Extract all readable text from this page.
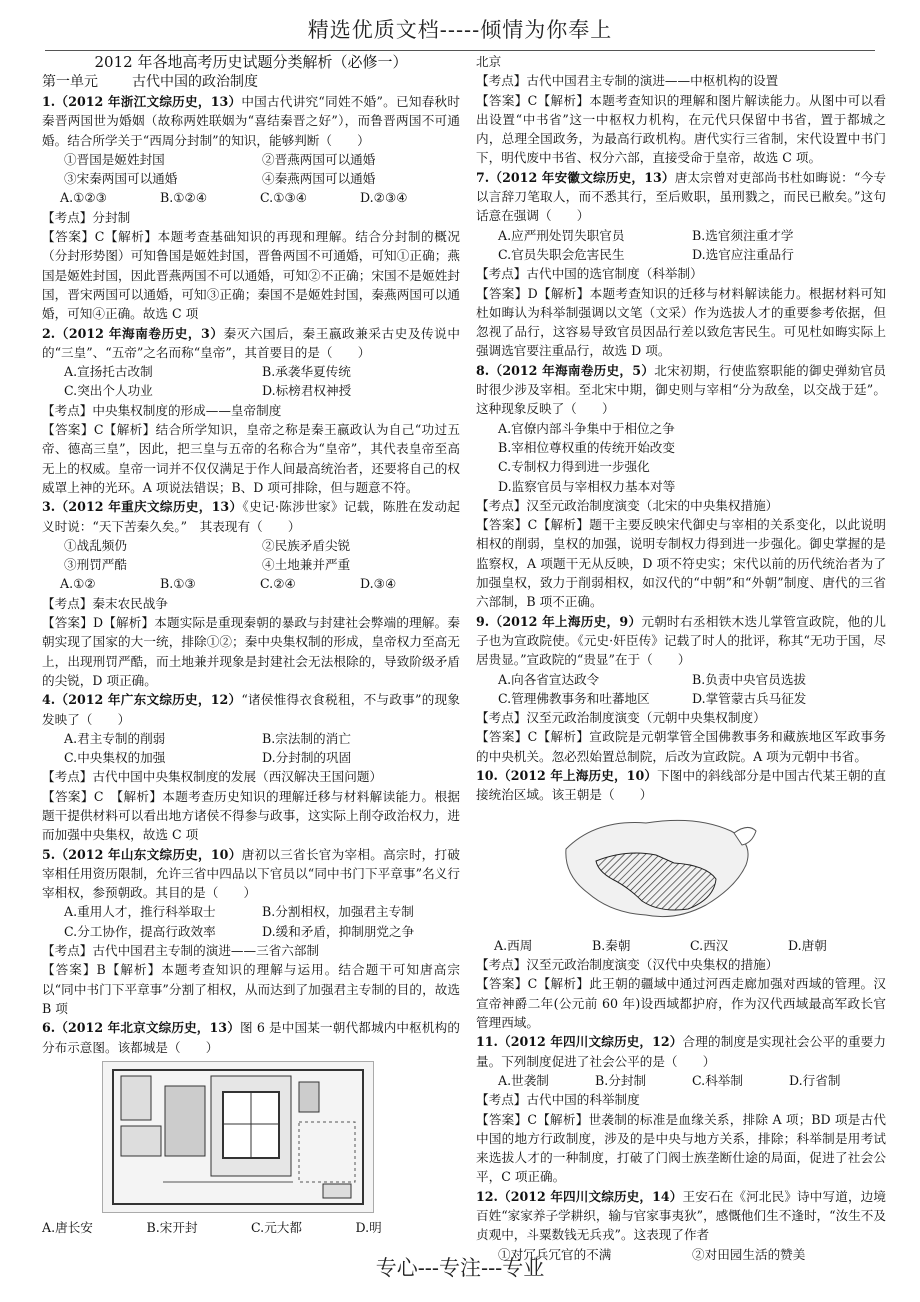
精选优质文档-----倾情为你奉上

2012 年各地高考历史试题分类解析（必修一）

第一单元 古代中国的政治制度

1.（2012 年浙江文综历史，13）中国古代讲究“同姓不婚”。已知春秋时秦晋两国世为婚姻（故称两姓联姻为“喜结秦晋之好”），而鲁晋两国不可通婚。结合所学关于“西周分封制”的知识，能够判断（　　）

①晋国是姬姓封国	②晋燕两国可以通婚
③宋秦两国可以通婚	④秦燕两国可以通婚
A.①②③	B.①②④	C.①③④	D.②③④

【考点】分封制

【答案】C【解析】本题考查基础知识的再现和理解。结合分封制的概况（分封形势图）可知鲁国是姬姓封国，晋鲁两国不可通婚，可知①正确；燕国是姬姓封国，因此晋燕两国不可以通婚，可知②不正确；宋国不是姬姓封国，晋宋两国可以通婚，可知③正确；秦国不是姬姓封国，秦燕两国可以通婚，可知④正确。故选 C 项

2.（2012 年海南卷历史，3）秦灭六国后，秦王嬴政兼采古史及传说中的“三皇”、“五帝”之名而称“皇帝”，其首要目的是（　　）

A.宣扬托古改制	B.承袭华夏传统
C.突出个人功业	D.标榜君权神授

【考点】中央集权制度的形成——皇帝制度

【答案】C【解析】结合所学知识，皇帝之称是秦王嬴政认为自己“功过五帝、德高三皇”，因此，把三皇与五帝的名称合为“皇帝”，其代表皇帝至高无上的权威。皇帝一词并不仅仅满足于作人间最高统治者，还要将自己的权威罩上神的光环。A 项说法错误；B、D 项可排除，但与题意不符。

3.（2012 年重庆文综历史，13）《史记·陈涉世家》记载，陈胜在发动起义时说：“天下苦秦久矣。”　其表现有（　　）

①战乱频仍	②民族矛盾尖锐
③刑罚严酷	④土地兼并严重
A.①②	B.①③	C.②④	D.③④

【考点】秦末农民战争

【答案】D【解析】本题实际是重现秦朝的暴政与封建社会弊端的理解。秦朝实现了国家的大一统，排除①②；秦中央集权制的形成，皇帝权力至高无上，出现刑罚严酷，而土地兼并现象是封建社会无法根除的，导致阶级矛盾的尖锐，D 项正确。

4.（2012 年广东文综历史，12）“诸侯惟得衣食税租，不与政事”的现象发映了（　　）

A.君主专制的削弱	B.宗法制的消亡
C.中央集权的加强	D.分封制的巩固

【考点】古代中国中央集权制度的发展（西汉解决王国问题）

【答案】C　【解析】本题考查历史知识的理解迁移与材料解读能力。根据题干提供材料可以看出地方诸侯不得参与政事，这实际上削夺政治权力，进而加强中央集权，故选 C 项

5.（2012 年山东文综历史，10）唐初以三省长官为宰相。高宗时，打破宰相任用资历限制，允许三省中四品以下官员以“同中书门下平章事”名义行宰相权，参预朝政。其目的是（　　）

A.重用人才，推行科举取士	B.分割相权，加强君主专制
C.分工协作，提高行政效率	D.缓和矛盾，抑制朋党之争

【考点】古代中国君主专制的演进——三省六部制

【答案】B【解析】本题考查知识的理解与运用。结合题干可知唐高宗以“同中书门下平章事”分割了相权，从而达到了加强君主专制的目的，故选 B 项

6.（2012 年北京文综历史，13）图 6 是中国某一朝代都城内中枢机构的分布示意图。该都城是（　　）

A.唐长安	B.宋开封	C.元大都	D.明

北京

【考点】古代中国君主专制的演进——中枢机构的设置

【答案】C【解析】本题考查知识的理解和图片解读能力。从图中可以看出设置“中书省”这一中枢权力机构，在元代只保留中书省，置于都城之内，总理全国政务，为最高行政机构。唐代实行三省制，宋代设置中书门下，明代废中书省、权分六部，直接受命于皇帝，故选 C 项。

7.（2012 年安徽文综历史，13）唐太宗曾对吏部尚书杜如晦说：“今专以言辞刀笔取人，而不悉其行，至后败职，虽刑戮之，而民已敝矣。”这句话意在强调（　　）

A.应严刑处罚失职官员	B.选官须注重才学
C.官员失职会危害民生	D.选官应注重品行

【考点】古代中国的选官制度（科举制）

【答案】D【解析】本题考查知识的迁移与材料解读能力。根据材料可知杜如晦认为科举制强调以文笔（文采）作为选拔人才的重要参考依据，但忽视了品行，这容易导致官员因品行差以致危害民生。可见杜如晦实际上强调选官要注重品行，故选 D 项。

8.（2012 年海南卷历史，5）北宋初期，行使监察职能的御史弹劾官员时很少涉及宰相。至北宋中期，御史则与宰相“分为敌垒，以交战于廷”。这种现象反映了（　　）

A.官僚内部斗争集中于相位之争

B.宰相位尊权重的传统开始改变

C.专制权力得到进一步强化

D.监察官员与宰相权力基本对等

【考点】汉至元政治制度演变（北宋的中央集权措施）

【答案】C【解析】题干主要反映宋代御史与宰相的关系变化，以此说明相权的削弱，皇权的加强，说明专制权力得到进一步强化。御史掌握的是监察权，A 项题干无从反映，D 项不符史实；宋代以前的历代统治者为了加强皇权，致力于削弱相权，如汉代的“中朝”和“外朝”制度、唐代的三省六部制，B 项不正确。

9.（2012 年上海历史，9）元朝时右丞相铁木迭儿掌管宣政院，他的儿子也为宣政院使。《元史·奸臣传》记载了时人的批评，称其“无功于国，尽居贵显。”宣政院的“贵显”在于（　　）

A.向各省宣达政令	B.负责中央官员选拔
C.管理佛教事务和吐蕃地区	D.掌管蒙古兵马征发

【考点】汉至元政治制度演变（元朝中央集权制度）

【答案】C【解析】宣政院是元朝掌管全国佛教事务和藏族地区军政事务的中央机关。忽必烈始置总制院，后改为宣政院。A 项为元朝中书省。

10.（2012 年上海历史，10）下图中的斜线部分是中国古代某王朝的直接统治区域。该王朝是（　　）

A.西周	B.秦朝	C.西汉	D.唐朝

【考点】汉至元政治制度演变（汉代中央集权的措施）

【答案】C【解析】此王朝的疆域中通过河西走廊加强对西域的管理。汉宣帝神爵二年(公元前 60 年)设西域都护府，作为汉代西域最高军政长官管理西域。

11.（2012 年四川文综历史，12）合理的制度是实现社会公平的重要力量。下列制度促进了社会公平的是（　　）

A.世袭制	B.分封制	C.科举制	D.行省制

【考点】古代中国的科举制度

【答案】C【解析】世袭制的标准是血缘关系，排除 A 项；BD 项是古代中国的地方行政制度，涉及的是中央与地方关系，排除；科举制是用考试来选拔人才的一种制度，打破了门阀士族垄断仕途的局面，促进了社会公平，C 项正确。

12.（2012 年四川文综历史，14）王安石在《河北民》诗中写道，边境百姓“家家养子学耕织，输与官家事夷狄”，感慨他们生不逢时，“汝生不及贞观中，斗粟数钱无兵戎”。这表现了作者

①对冗兵冗官的不满	②对田园生活的赞美
专心---专注---专业
